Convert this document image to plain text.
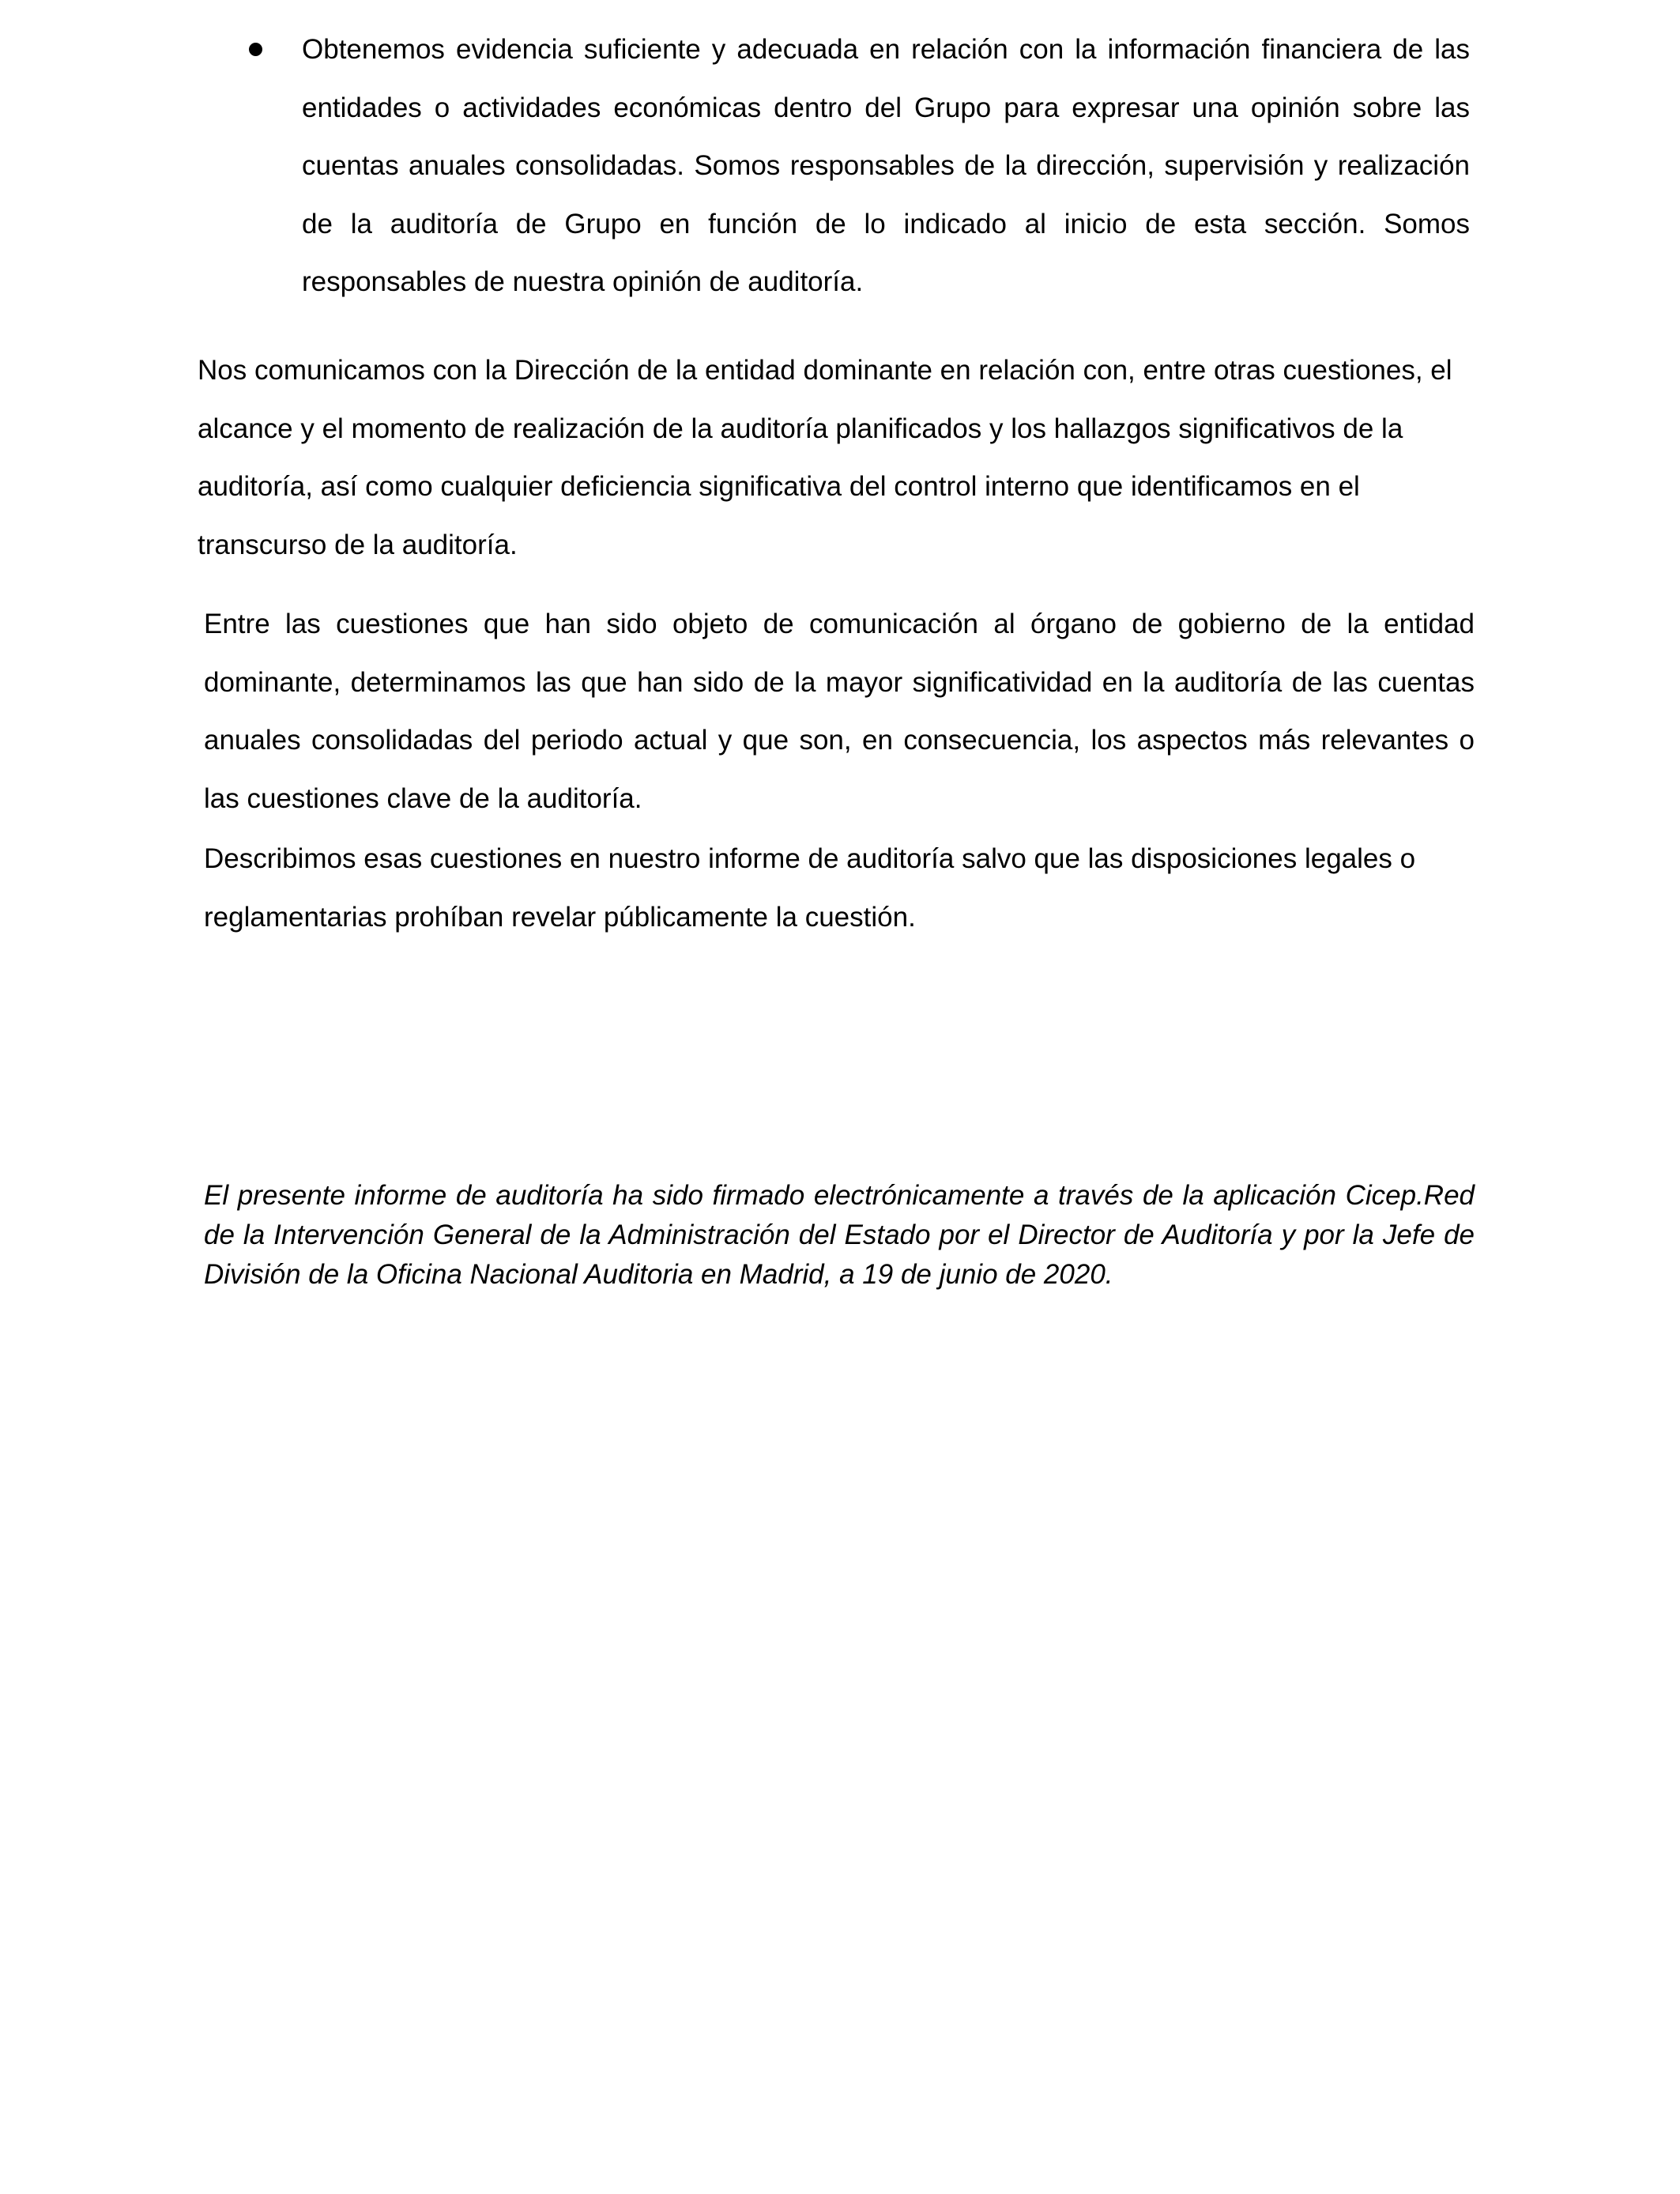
Obtenemos evidencia suficiente y adecuada en relación con la información financiera de las entidades o actividades económicas dentro del Grupo para expresar una opinión sobre las cuentas anuales consolidadas. Somos responsables de la dirección, supervisión y realización de la auditoría de Grupo en función de lo indicado al inicio de esta sección. Somos responsables de nuestra opinión de auditoría.

Nos comunicamos con la Dirección de la entidad dominante en relación con, entre otras cuestiones, el alcance y el momento de realización de la auditoría planificados y los hallazgos significativos de la auditoría, así como cualquier deficiencia significativa del control interno que identificamos en el transcurso de la auditoría.

Entre las cuestiones que han sido objeto de comunicación al órgano de gobierno de la entidad dominante, determinamos las que han sido de la mayor significatividad en la auditoría de las cuentas anuales consolidadas del periodo actual y que son, en consecuencia, los aspectos más relevantes o las cuestiones clave de la auditoría.

Describimos esas cuestiones en nuestro informe de auditoría salvo que las disposiciones legales o reglamentarias prohíban revelar públicamente la cuestión.

El presente informe de auditoría ha sido firmado electrónicamente a través de la aplicación Cicep.Red de la Intervención General de la Administración del Estado por el Director de Auditoría y por la Jefe de División de la Oficina Nacional Auditoria en Madrid, a 19 de junio de 2020.
